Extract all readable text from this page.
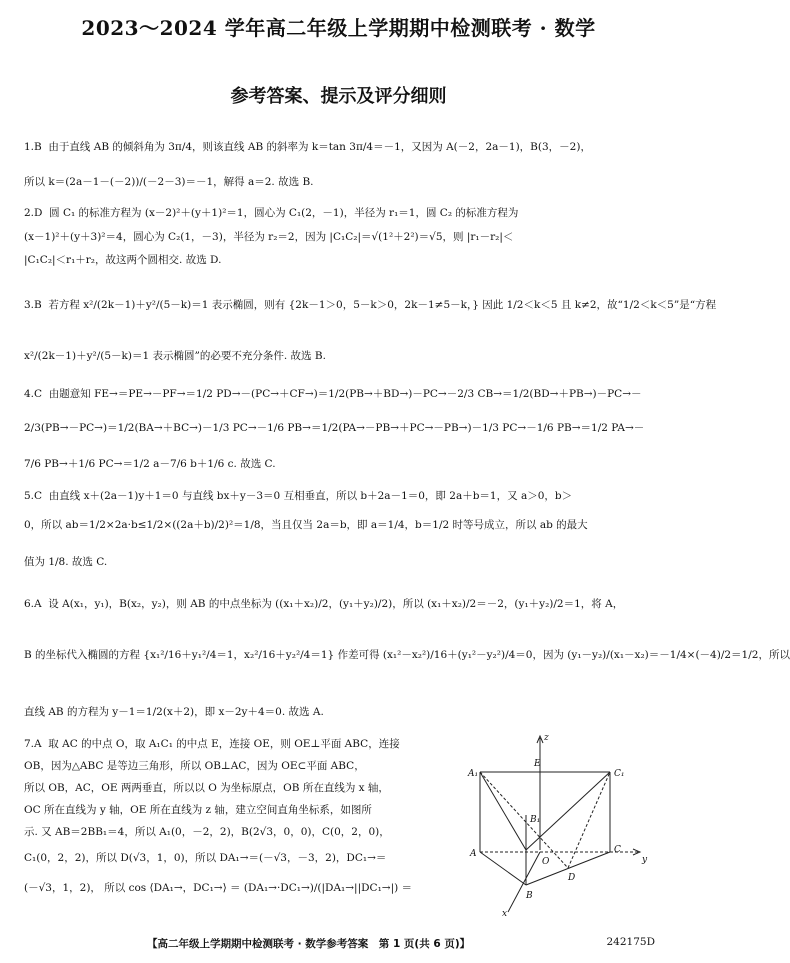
2023～2024 学年高二年级上学期期中检测联考 · 数学
参考答案、提示及评分细则
1.B 由于直线 AB 的倾斜角为 3π/4，则该直线 AB 的斜率为 k＝tan 3π/4＝－1，又因为 A(－2，2a－1)，B(3，－2)，
所以 k＝(2a－1－(－2))/(－2－3)＝－1，解得 a＝2. 故选 B.
2.D 圆 C₁ 的标准方程为 (x－2)²＋(y＋1)²＝1，圆心为 C₁(2，－1)，半径为 r₁＝1，圆 C₂ 的标准方程为
(x－1)²＋(y＋3)²＝4，圆心为 C₂(1，－3)，半径为 r₂＝2，因为 |C₁C₂|＝√(1²＋2²)＝√5，则 |r₁－r₂|＜
|C₁C₂|＜r₁＋r₂，故这两个圆相交. 故选 D.
3.B 若方程 x²/(2k－1)＋y²/(5－k)＝1 表示椭圆，则有 {2k－1＞0，5－k＞0，2k－1≠5－k，} 因此 1/2＜k＜5 且 k≠2，故“1/2＜k＜5”是“方程
x²/(2k－1)＋y²/(5－k)＝1 表示椭圆”的必要不充分条件. 故选 B.
4.C 由题意知 FE→＝PE→－PF→＝1/2 PD→－(PC→＋CF→)＝1/2(PB→＋BD→)－PC→－2/3 CB→＝1/2(BD→＋PB→)－PC→－
2/3(PB→－PC→)＝1/2(BA→＋BC→)－1/3 PC→－1/6 PB→＝1/2(PA→－PB→＋PC→－PB→)－1/3 PC→－1/6 PB→＝1/2 PA→－
7/6 PB→＋1/6 PC→＝1/2 a－7/6 b＋1/6 c. 故选 C.
5.C 由直线 x＋(2a－1)y＋1＝0 与直线 bx＋y－3＝0 互相垂直，所以 b＋2a－1＝0，即 2a＋b＝1，又 a＞0，b＞
0，所以 ab＝1/2×2a·b≤1/2×((2a＋b)/2)²＝1/8，当且仅当 2a＝b，即 a＝1/4，b＝1/2 时等号成立，所以 ab 的最大
值为 1/8. 故选 C.
6.A 设 A(x₁，y₁)，B(x₂，y₂)，则 AB 的中点坐标为 ((x₁＋x₂)/2，(y₁＋y₂)/2)，所以 (x₁＋x₂)/2＝－2，(y₁＋y₂)/2＝1，将 A，
B 的坐标代入椭圆的方程 {x₁²/16＋y₁²/4＝1，x₂²/16＋y₂²/4＝1} 作差可得 (x₁²－x₂²)/16＋(y₁²－y₂²)/4＝0，因为 (y₁－y₂)/(x₁－x₂)＝－1/4×(－4)/2＝1/2，所以
直线 AB 的方程为 y－1＝1/2(x＋2)，即 x－2y＋4＝0. 故选 A.
7.A 取 AC 的中点 O，取 A₁C₁ 的中点 E，连接 OE，则 OE⊥平面 ABC，连接
OB，因为△ABC 是等边三角形，所以 OB⊥AC，因为 OE⊂平面 ABC，
所以 OB，AC，OE 两两垂直，所以以 O 为坐标原点，OB 所在直线为 x 轴，
OC 所在直线为 y 轴，OE 所在直线为 z 轴，建立空间直角坐标系，如图所
示. 又 AB＝2BB₁＝4，所以 A₁(0，－2，2)，B(2√3，0，0)，C(0，2，0)，
C₁(0，2，2)，所以 D(√3，1，0)，所以 DA₁→＝(－√3，－3，2)，DC₁→＝
(－√3，1，2)， 所以 cos ⟨DA₁→，DC₁→⟩ ＝ (DA₁→·DC₁→)/(|DA₁→||DC₁→|) ＝
z
A₁
E
C₁
B₁
A
O
C
y
B
D
x
【高二年级上学期期中检测联考 · 数学参考答案　第 1 页(共 6 页)】	242175D
